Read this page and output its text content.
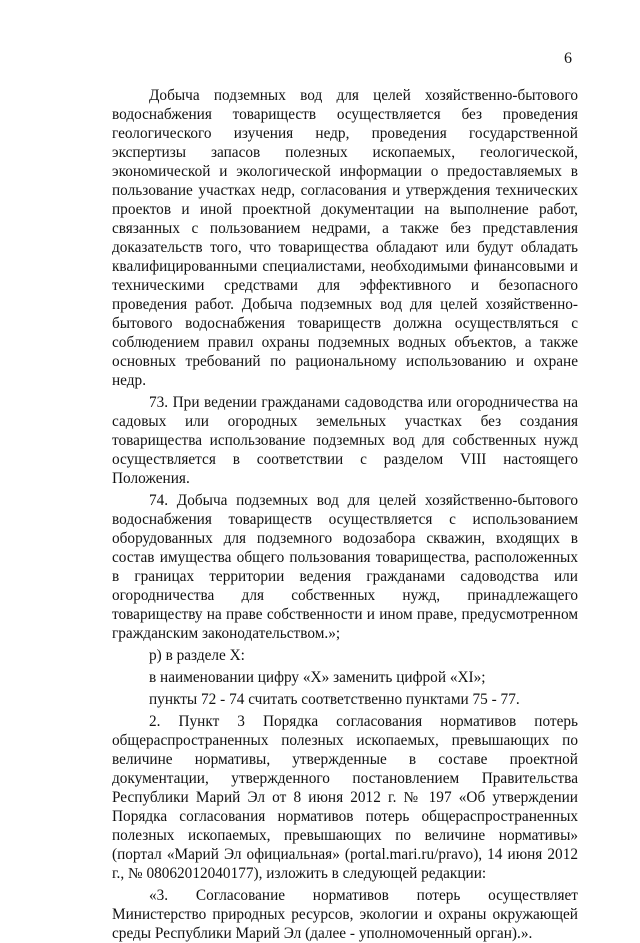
6

Добыча подземных вод для целей хозяйственно-бытового водоснабжения товариществ осуществляется без проведения геологического изучения недр, проведения государственной экспертизы запасов полезных ископаемых, геологической, экономической и экологической информации о предоставляемых в пользование участках недр, согласования и утверждения технических проектов и иной проектной документации на выполнение работ, связанных с пользованием недрами, а также без представления доказательств того, что товарищества обладают или будут обладать квалифицированными специалистами, необходимыми финансовыми и техническими средствами для эффективного и безопасного проведения работ. Добыча подземных вод для целей хозяйственно-бытового водоснабжения товариществ должна осуществляться с соблюдением правил охраны подземных водных объектов, а также основных требований по рациональному использованию и охране недр.

73. При ведении гражданами садоводства или огородничества на садовых или огородных земельных участках без создания товарищества использование подземных вод для собственных нужд осуществляется в соответствии с разделом VIII настоящего Положения.

74. Добыча подземных вод для целей хозяйственно-бытового водоснабжения товариществ осуществляется с использованием оборудованных для подземного водозабора скважин, входящих в состав имущества общего пользования товарищества, расположенных в границах территории ведения гражданами садоводства или огородничества для собственных нужд, принадлежащего товариществу на праве собственности и ином праве, предусмотренном гражданским законодательством.»;

р) в разделе X:

в наименовании цифру «X» заменить цифрой «XI»;

пункты 72 - 74 считать соответственно пунктами 75 - 77.

2. Пункт 3 Порядка согласования нормативов потерь общераспространенных полезных ископаемых, превышающих по величине нормативы, утвержденные в составе проектной документации, утвержденного постановлением Правительства Республики Марий Эл от 8 июня 2012 г. № 197 «Об утверждении Порядка согласования нормативов потерь общераспространенных полезных ископаемых, превышающих по величине нормативы» (портал «Марий Эл официальная» (portal.mari.ru/pravo), 14 июня 2012 г., № 08062012040177), изложить в следующей редакции:

«3. Согласование нормативов потерь осуществляет Министерство природных ресурсов, экологии и охраны окружающей среды Республики Марий Эл (далее - уполномоченный орган).».
